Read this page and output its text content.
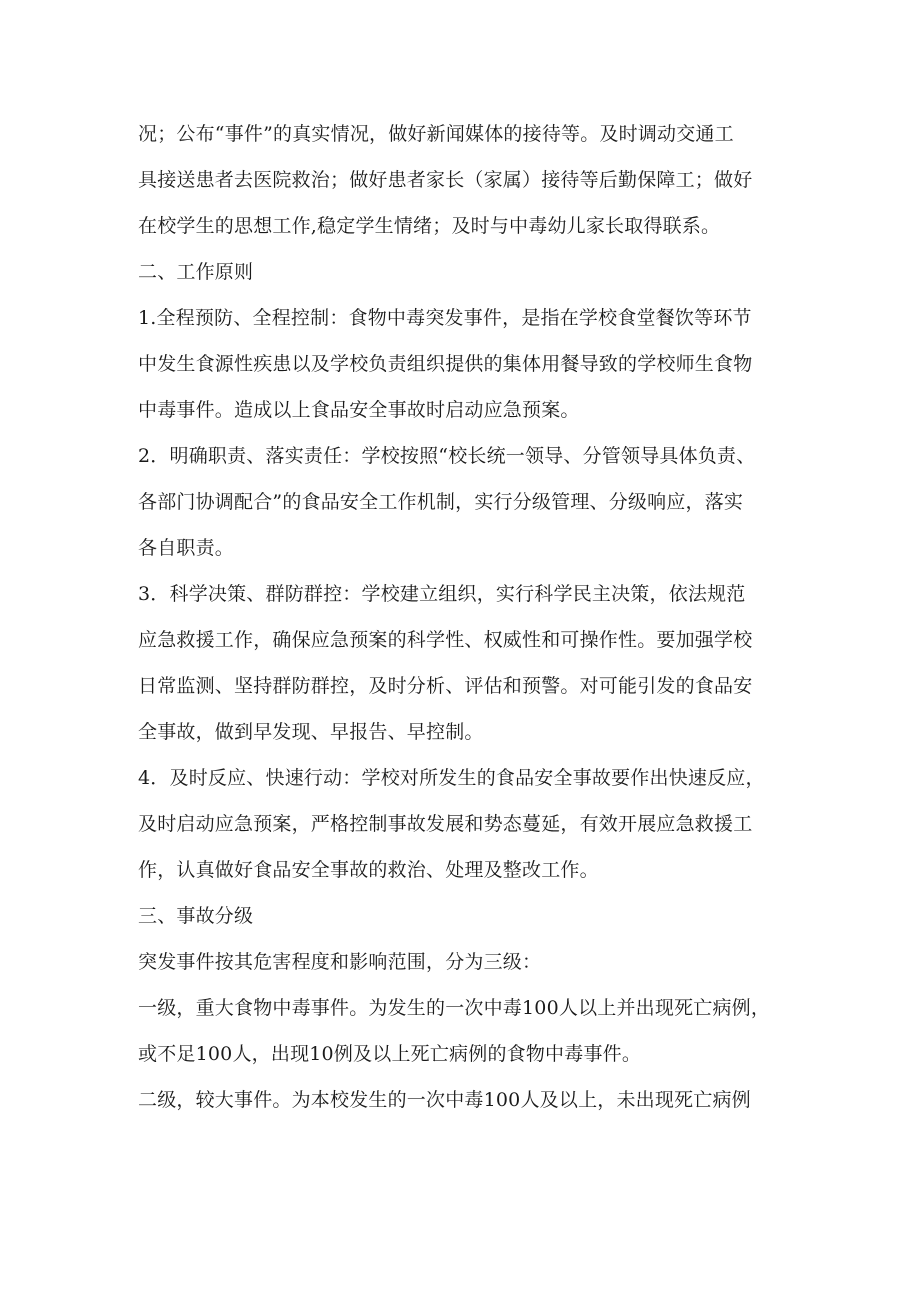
况；公布“事件”的真实情况，做好新闻媒体的接待等。及时调动交通工
具接送患者去医院救治；做好患者家长（家属）接待等后勤保障工；做好
在校学生的思想工作,稳定学生情绪；及时与中毒幼儿家长取得联系。
二、工作原则
1.全程预防、全程控制：食物中毒突发事件，是指在学校食堂餐饮等环节
中发生食源性疾患以及学校负责组织提供的集体用餐导致的学校师生食物
中毒事件。造成以上食品安全事故时启动应急预案。
2．明确职责、落实责任：学校按照“校长统一领导、分管领导具体负责、
各部门协调配合”的食品安全工作机制，实行分级管理、分级响应，落实
各自职责。
3．科学决策、群防群控：学校建立组织，实行科学民主决策，依法规范
应急救援工作，确保应急预案的科学性、权威性和可操作性。要加强学校
日常监测、坚持群防群控，及时分析、评估和预警。对可能引发的食品安
全事故，做到早发现、早报告、早控制。
4．及时反应、快速行动：学校对所发生的食品安全事故要作出快速反应，
及时启动应急预案，严格控制事故发展和势态蔓延，有效开展应急救援工
作，认真做好食品安全事故的救治、处理及整改工作。
三、事故分级
突发事件按其危害程度和影响范围，分为三级：
一级，重大食物中毒事件。为发生的一次中毒100人以上并出现死亡病例，
或不足100人，出现10例及以上死亡病例的食物中毒事件。
二级，较大事件。为本校发生的一次中毒100人及以上，未出现死亡病例
